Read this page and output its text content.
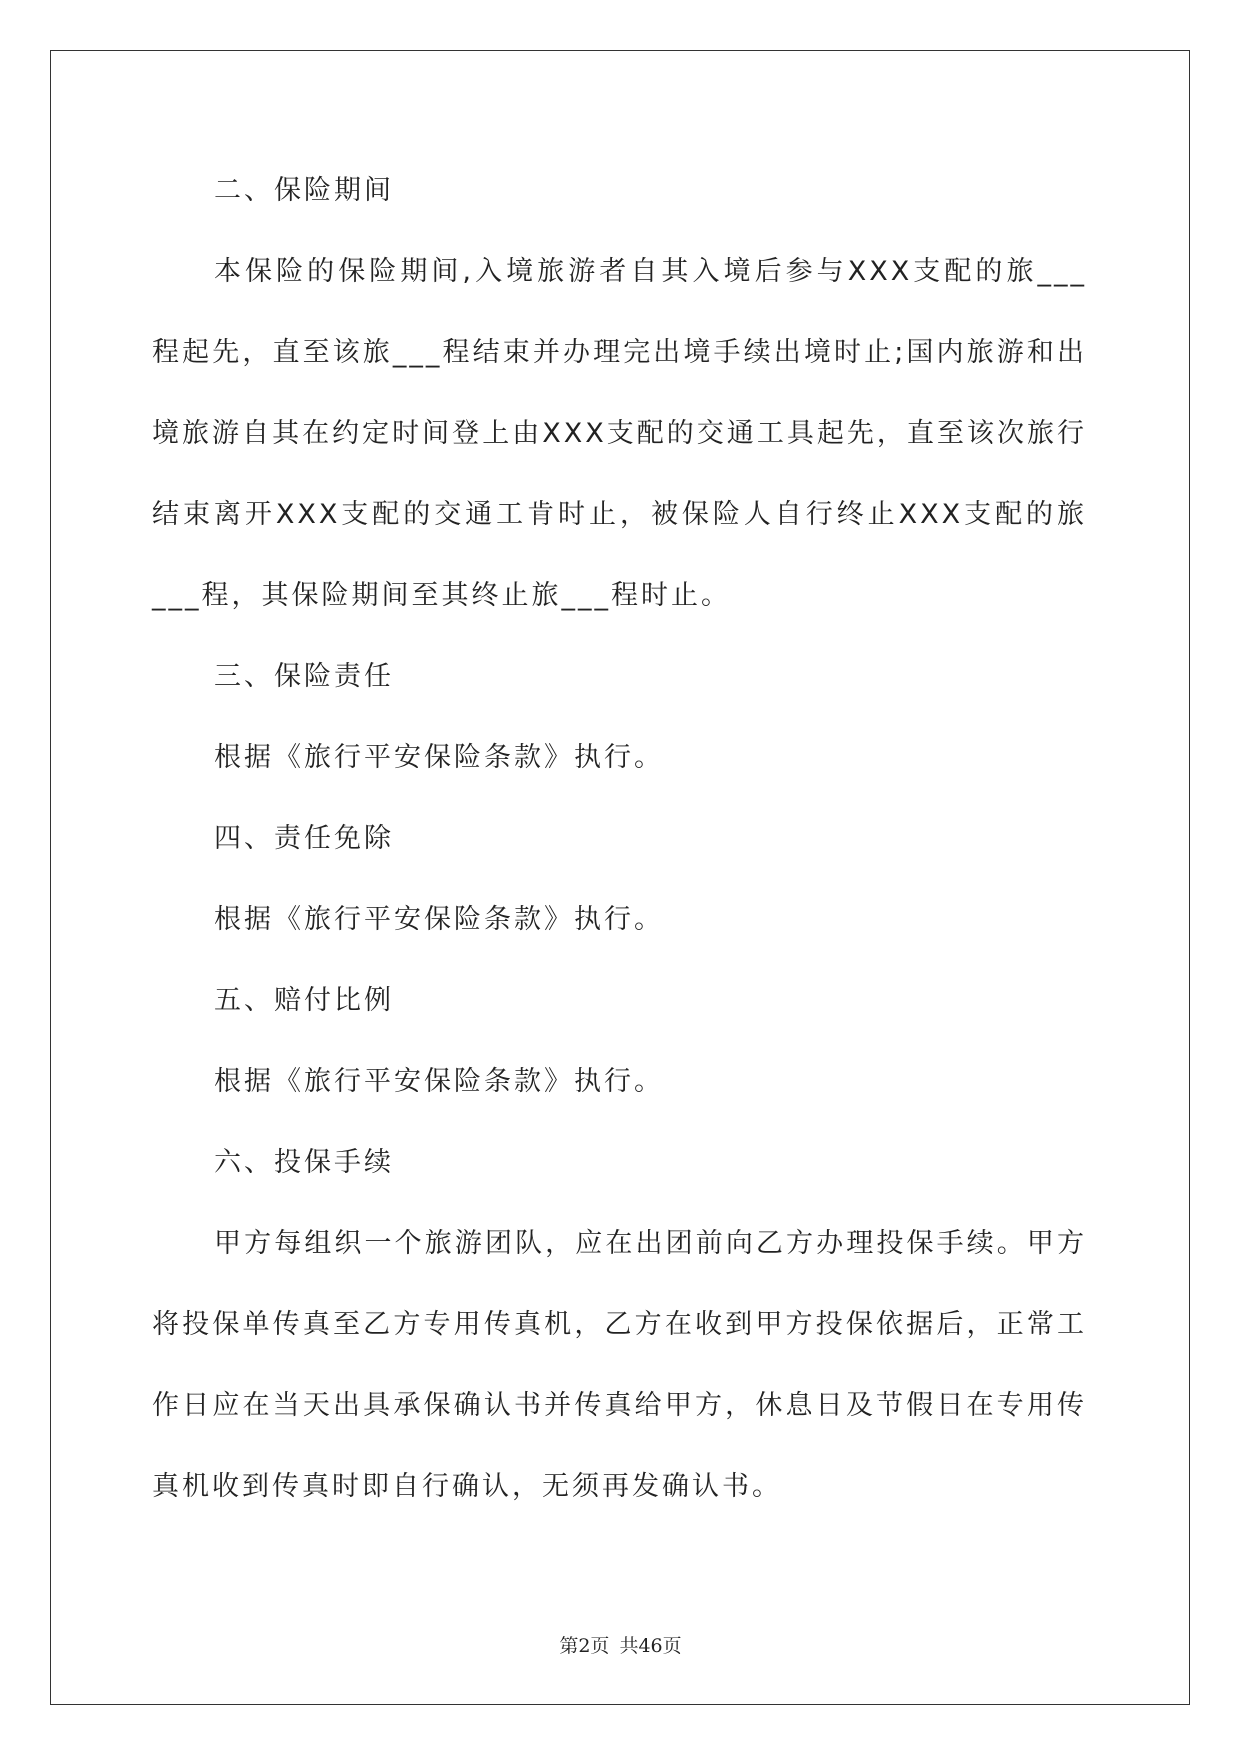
二、保险期间

本保险的保险期间,入境旅游者自其入境后参与XXX支配的旅___程起先，直至该旅___程结束并办理完出境手续出境时止;国内旅游和出境旅游自其在约定时间登上由XXX支配的交通工具起先，直至该次旅行结束离开XXX支配的交通工肯时止，被保险人自行终止XXX支配的旅___程，其保险期间至其终止旅___程时止。

三、保险责任

根据《旅行平安保险条款》执行。

四、责任免除

根据《旅行平安保险条款》执行。

五、赔付比例

根据《旅行平安保险条款》执行。

六、投保手续

甲方每组织一个旅游团队，应在出团前向乙方办理投保手续。甲方将投保单传真至乙方专用传真机，乙方在收到甲方投保依据后，正常工作日应在当天出具承保确认书并传真给甲方，休息日及节假日在专用传真机收到传真时即自行确认，无须再发确认书。

第2页 共46页
